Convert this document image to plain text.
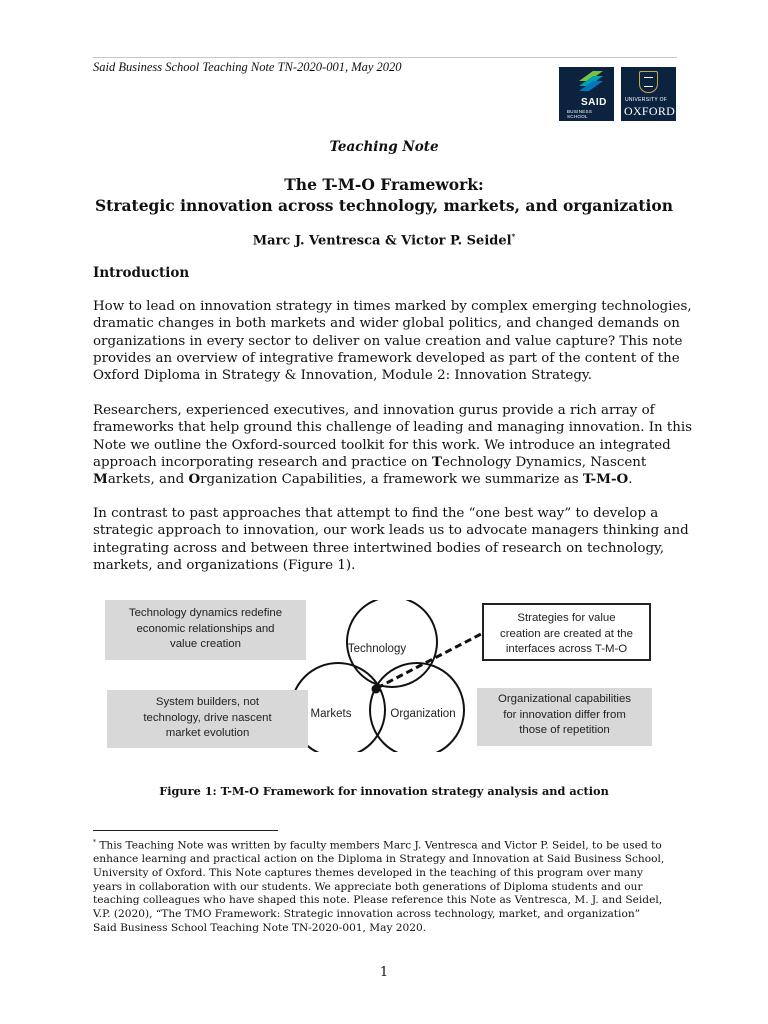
Said Business School Teaching Note TN-2020-001, May 2020
SAID
BUSINESS SCHOOL
UNIVERSITY OF
OXFORD
Teaching Note
The T-M-O Framework:
Strategic innovation across technology, markets, and organization
Marc J. Ventresca & Victor P. Seidel*
Introduction

How to lead on innovation strategy in times marked by complex emerging technologies,
dramatic changes in both markets and wider global politics, and changed demands on
organizations in every sector to deliver on value creation and value capture? This note
provides an overview of integrative framework developed as part of the content of the
Oxford Diploma in Strategy & Innovation, Module 2: Innovation Strategy.

Researchers, experienced executives, and innovation gurus provide a rich array of
frameworks that help ground this challenge of leading and managing innovation. In this
Note we outline the Oxford-sourced toolkit for this work. We introduce an integrated
approach incorporating research and practice on Technology Dynamics, Nascent
Markets, and Organization Capabilities, a framework we summarize as T-M-O.

In contrast to past approaches that attempt to find the “one best way” to develop a
strategic approach to innovation, our work leads us to advocate managers thinking and
integrating across and between three intertwined bodies of research on technology,
markets, and organizations (Figure 1).

Technology
Markets	Organization
Technology dynamics redefine
economic relationships and
value creation
Strategies for value
creation are created at the
interfaces across T-M-O
System builders, not
technology, drive nascent
market evolution
Organizational capabilities
for innovation differ from
those of repetition
Figure 1: T-M-O Framework for innovation strategy analysis and action

* This Teaching Note was written by faculty members Marc J. Ventresca and Victor P. Seidel, to be used to
enhance learning and practical action on the Diploma in Strategy and Innovation at Said Business School,
University of Oxford. This Note captures themes developed in the teaching of this program over many
years in collaboration with our students. We appreciate both generations of Diploma students and our
teaching colleagues who have shaped this note. Please reference this Note as Ventresca, M. J. and Seidel,
V.P. (2020), “The TMO Framework: Strategic innovation across technology, market, and organization”
Said Business School Teaching Note TN-2020-001, May 2020.

1
